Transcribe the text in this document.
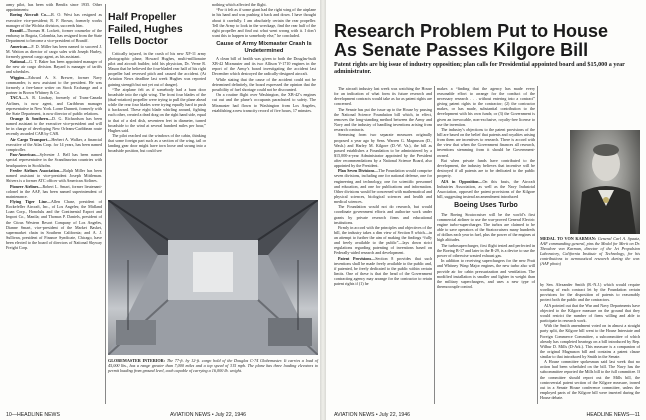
army pilot, has been with Bendix since 1935. Other appointments:

Boeing Aircraft Co.—R. O. West has resigned as executive vice-president; R. F. Brown, formerly works manager of the Wichita division, succeeds him.

Braniff—Thomas H. Lockett, former counselor of the embassy in Bogota, Colombia, has resigned from the State Department to become a vice-president of Braniff.

American—F. D. Miller has been named to succeed J. M. Waiton as director of cargo sales with Joseph Hurley, formerly general cargo agent, as his assistant.

National—G. T. Baker has been appointed manager of the new air cargo division. Bayard is manager of tariffs and schedules.

Wiggins—Edward A. S. Brewer, former Navy commander, is now assistant to the president. He was formerly a free-lance writer on Stock Exchange and a partner in Brown Whitney & Co.

TACA—A. R. Lindsay, formerly of Trans-Canada Airlines, is now agent, and Caribbean manager representative in New York. Lorne Dunnett, formerly with the State Department, is now director of public relations.

Orange & Southern—D. G. Richardson has been named assistant to the executive vice-president and will be in charge of developing New Orleans-Caribbean route recently awarded CAB by CAB.

Air Cargo Transport—Herbert A. Walker, a financial executive of the Atlas Corp. for 14 years, has been named comptroller.

Pan-American—Sylvester J. Bell has been named special representative in the Scandinavian countries with headquarters in Stockholm.

Feeder Airlines Association—Ralph Miller has been named assistant to vice-president Joseph Mittleman. Shivers is a former ATC officer with American Airlines.

Pioneer Airlines—Robert L. Smart, former lieutenant-colonel in the AAF, has been named superintendent of maintenance.

Flying Tiger Line—Allen Chase, president of Rockefeller Aircraft, Inc., of Los Angeles; the Midland Loan Corp., Honolulu and the Continental Export and Import Co., Manila; and Thomas P. Daniels, president of the Citrus Western Resort Company of Los Angeles, Dianne Smart, vice-president of the Market Basket, supermarket chain in Southern California; and A. J. Sullivan, president of Finance Syndicate, Chicago, have been elected to the board of directors of National Skyway Freight Corp.

Half Propeller Failed, Hughes Tells Doctor

Critically injured, in the crash of his new XF-11 army photographic plane, Howard Hughes, multi-millionaire pilot and aircraft builder, told his physician, Dr. Verne R. Mason that he believed the four-bladed rear half of his right propeller had reversed pitch and caused the accident. (At Aviation News deadline last week Hughes was reported gaining strength but not yet out of danger).

“The airplane felt as if somebody had a barn door broadside into the right wing. The front four blades of the (dual-rotation) propeller were trying to pull the plane ahead while the rear four blades were trying equally hard to push it backward. These eight blade whirling around, fighting each other, created a dead drag on the right hand side, equal to that of a sled dish, seventeen feet in diameter, turned broadside to the wind at several hundred miles per hour,” Hughes said.

The pilot reached out the windows of the cabin, thinking that some foreign part such as a section of the wing, tail or landing gear door might have torn loose and swung into a broadside position, but could see

nothing which affected the flight.

“For it felt as if some giant had the right wing of the airplane in his hand and was pushing it back and down. I have thought about it carefully. I am absolutely certain the rear propeller. Tell the Army to look in the wreckage, find the rear half of the right propeller and find out what went wrong with it. I don’t want this to happen to somebody else,” he concluded.

Cause of Army Mixmaster Crash Is Undetermined

A clean bill of health was given to both the Douglas-built XB-42 Mixmaster and its two Allison V-1710 engines in the report of the Army’s board investigating the accident last December which destroyed the radically-designed aircraft.

While stating that the cause of the accident could not be determined definitely, the board expressed the opinion that the possibility of fuel shortage could not be discounted.

On a routine flight over Washington, the XB-42’s engines cut out and the plane’s occupants parachuted to safety. The Mixmaster had flown to Washington from Los Angeles, establishing a new transcity record of five hours, 17 minutes.

GLOBEMASTER INTERIOR: The 77-ft. by 12-ft. cargo hold of the Douglas C-74 Globemaster. It carries a load of 45,000 lbs., has a range greater than 7,000 miles and a top speed of 315 mph. The plane has three loading elevators to permit loading from ground level, each capable of carrying a 16,000 lb. weight.
10—HEADLINE NEWS	AVIATION NEWS • July 22, 1946
Research Problem Put to House As Senate Passes Kilgore Bill
Patent rights are big issue of industry opposition; plan calls for Presidential appointed board and $15,000 a year administrator.

The aircraft industry last week was watching the House for an indication of what form its future research and development contracts would take as far as patent rights are concerned.

The Senate has put the issue up to the House by passing the National Science Foundation bill which, in effect, removes the long-standing method between the Army and Navy and the industry of handling inventions arising from research contracts.

Stemming from two separate measures originally proposed a year ago by Sens. Warren G. Magnuson (D., Wash.) and Harley M. Kilgore (D.-W. Va.), the bill as passed establishes a Foundation to be administered by a $15,000-a-year Administrator appointed by the President after recommendations by a National Science Board, also appointed by the President.

Plan Seven Divisions—The Foundation would comprise seven divisions, including one for national defense, one for engineering and technology, one for scientific personnel and education, and one for publications and information. Other divisions would be concerned with mathematical and physical sciences, biological sciences and health and medical sciences.

The Foundation would not do research, but would coordinate government efforts and authorize work under grants by private research firms and educational institutions.

Firmly in accord with the principles and objectives of the bill, the industry takes a dim view of Section 8 which—in an attempt to further the aim of making the findings “fully and freely available to the public”—lays down strict regulations regarding patenting of inventions based on Federally-aided research and development.

Patent Provisions—Section 8 provides that such inventions shall be made freely available to the public and, if patented, be freely dedicated to the public within certain limits. One of these is that the head of the Government contracting agency may arrange for the contractor to retain patent rights if (1) he

makes a “finding that the agency has made every reasonable effort to arrange for the conduct of the necessary research . . . without entering into a contract” giving patent rights to the contractor; (2) the contractor makes, or has made, substantial contribution to the development with his own funds; or (3) the Government is given an irrevocable, non-exclusive, royalty-free license to use the invention.

The industry’s objections to the patent provisions of the bill are based on the belief that patents and royalties arising from them are incentives to research. There is accord with the view that when the Government finances all research, inventions stemming from it should be Government-owned.

But when private funds have contributed to the development, the industry believes that incentive will be destroyed if all patents are to be dedicated to the public property.

AIA in Opposition—On this basis, the Aircraft Industries Association, as well as the Navy Industrial Association, opposed the patent provisions of the Kilgore bill, suggesting instead an amendment introduced

Boeing Uses Turbo

The Boeing Stratocruiser will be the world’s first commercial airliner to use the war-proved General Electric engine turbo-supercharger. The turbos are claimed to be able to save operators of the Stratocruisers many hundreds of dollars each year in fuel, plus the power of the engines at high altitudes.

The turbosupercharger, first flight tested and perfected in the Boeing B-17 and later in the B-29, is a device to use the power of otherwise wasted exhaust gas.

In addition to receiving superchargers for the new Pratt and Whitney Wasp Major engines, the new turbo also will provide air for cabin pressurization and ventilation. The modified installation is smaller and lighter in weight than the military superchargers, and uses a new type of thermocouple control.

MEDAL TO VON KARMAN: General Carl A. Spaatz, AAF commanding general, pins the Medal for Merit on Dr. Theodore von Karman, director of the Jet Propulsion Laboratory, California Institute of Technology, for his contributions to aeronautical research during the war. (AAF photo)

by Sen. Alexander Smith (R.-N.J.) which would require wording of each contract let by the Foundation certain provisions for the disposition of patents to reasonably protect both the public and the contractors.

AIA pointed out that the War and Navy Departments have objected to the Kilgore measure on the ground that they would restrict the number of firms willing and able to participate in research work.

With the Smith amendment voted on in almost a straight party split, the Kilgore bill went to the House Interstate and Foreign Commerce Committee, a subcommittee of which already has completed hearings on a bill introduced by Rep. Wilbur D. Mills (D-Ark.). This measure is a companion of the original Magnuson bill and contains a patent clause similar to that introduced by Smith in the Senate.

A House committee spokesman said last week that no action had been scheduled on the bill. The Navy has the subcommittee reported the Mills bill to the full committee. If the committee should report out the Mills bill, the controversial patent section of the Kilgore measure, ironed out in a Senate House conference committee, unless the employed parts of the Kilgore bill were inserted during the House debate.

AVIATION NEWS • July 22, 1946	HEADLINE NEWS—11
